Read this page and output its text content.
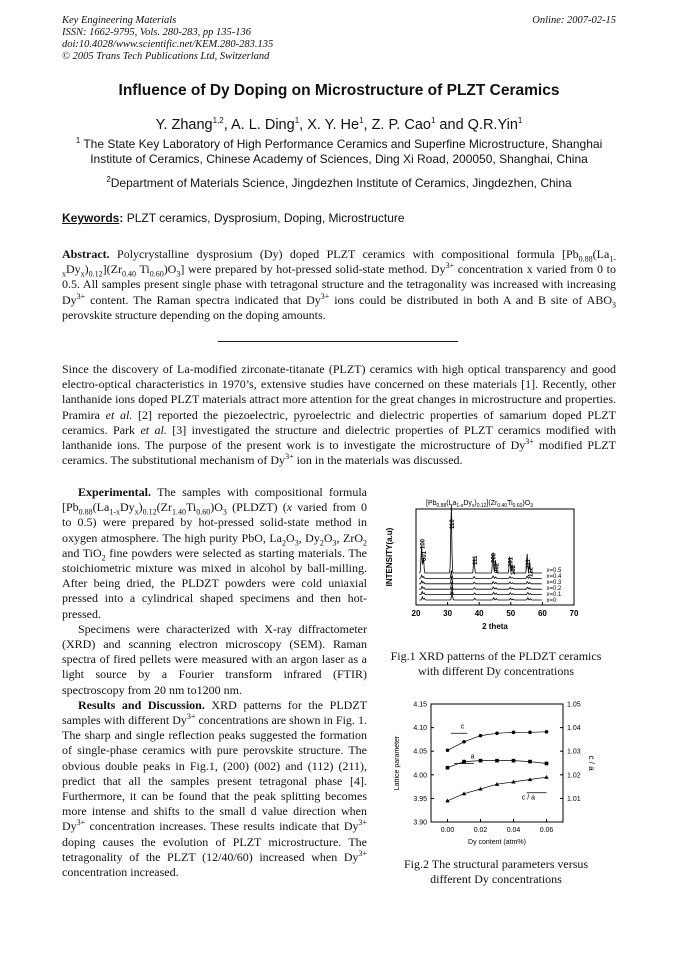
Key Engineering Materials
ISSN: 1662-9795, Vols. 280-283, pp 135-136
doi:10.4028/www.scientific.net/KEM.280-283.135
© 2005 Trans Tech Publications Ltd, Switzerland
Online: 2007-02-15
Influence of Dy Doping on Microstructure of PLZT Ceramics
Y. Zhang$^{1,2}$, A. L. Ding$^1$, X. Y. He$^1$, Z. P. Cao$^1$ and Q.R.Yin$^1$
$^1$ The State Key Laboratory of High Performance Ceramics and Superfine Microstructure, Shanghai
Institute of Ceramics, Chinese Academy of Sciences, Ding Xi Road, 200050, Shanghai, China
$^2$Department of Materials Science, Jingdezhen Institute of Ceramics, Jingdezhen, China
Keywords: PLZT ceramics, Dysprosium, Doping, Microstructure

Abstract. Polycrystalline dysprosium (Dy) doped PLZT ceramics with compositional formula $[Pb_{0.88}(La_{1-x}Dy_x)_{0.12}](Zr_{0.40}$ $Ti_{0.60})O_3$] were prepared by hot-pressed solid-state method. $Dy^{3+}$ concentration x varied from 0 to 0.5. All samples present single phase with tetragonal structure and the tetragonality was increased with increasing $Dy^{3+}$ content. The Raman spectra indicated that $Dy^{3+}$ ions could be distributed in both A and B site of $ABO_3$ perovskite structure depending on the doping amounts.

Since the discovery of La-modified zirconate-titanate (PLZT) ceramics with high optical transparency and good electro-optical characteristics in 1970’s, extensive studies have concerned on these materials [1]. Recently, other lanthanide ions doped PLZT materials attract more attention for the great changes in microstructure and properties. Pramira et al. [2] reported the piezoelectric, pyroelectric and dielectric properties of samarium doped PLZT ceramics. Park et al. [3] investigated the structure and dielectric properties of PLZT ceramics modified with lanthanide ions. The purpose of the present work is to investigate the microstructure of $Dy^{3+}$ modified PLZT ceramics. The substitutional mechanism of $Dy^{3+}$ ion in the materials was discussed.

Experimental. The samples with compositional formula [$Pb_{0.88}(La_{1-x}Dy_x)_{0.12}(Zr_{1.40}Ti_{0.60})O_3$ (PLDZT) (x varied from 0 to 0.5) were prepared by hot-pressed solid-state method in oxygen atmosphere. The high purity PbO, $La_2O_3$, $Dy_2O_3$, ZrO$_2$ and TiO$_2$ fine powders were selected as starting materials. The stoichiometric mixture was mixed in alcohol by ball-milling. After being dried, the PLDZT powders were cold uniaxial pressed into a cylindrical shaped specimens and then hot-pressed.

Specimens were characterized with X-ray diffractometer (XRD) and scanning electron microscopy (SEM). Raman spectra of fired pellets were measured with an argon laser as a light source by a Fourier transform infrared (FTIR) spectroscopy from 20 nm to1200 nm.

Results and Discussion. XRD patterns for the PLDZT samples with different $Dy^{3+}$ concentrations are shown in Fig. 1. The sharp and single reflection peaks suggested the formation of single-phase ceramics with pure perovskite structure. The obvious double peaks in Fig.1, (200) (002) and (112) (211), predict that all the samples present tetragonal phase [4]. Furthermore, it can be found that the peak splitting becomes more intense and shifts to the small d value direction when $Dy^{3+}$ concentration increases. These results indicate that $Dy^{3+}$ doping causes the evolution of PLZT microstructure. The tetragonality of the PLZT (12/40/60) increased when $Dy^{3+}$ concentration increased.

20	30	40	50	60	70
2 theta
INTENSITY(a.u)
$[Pb_{0.88}(La_{1-x}Dy_x)_{0.12}](Zr_{0.40}Ti_{0.60})O_3$
x=0.5
x=0.4
x=0.3
x=0.2
x=0.1
x=0
100
001
110
111 200
002
201
102
211
112
Fig.1 XRD patterns of the PLDZT ceramics
with different Dy concentrations
0.00	0.02	0.04	0.06
3.90
3.95
4.00
4.05
4.10
4.15
1.01
1.02
1.03
1.04
1.05
Dy content (atm%)
Lattice parameter	c / a
c
a
c / a
Fig.2 The structural parameters versus
different Dy concentrations
